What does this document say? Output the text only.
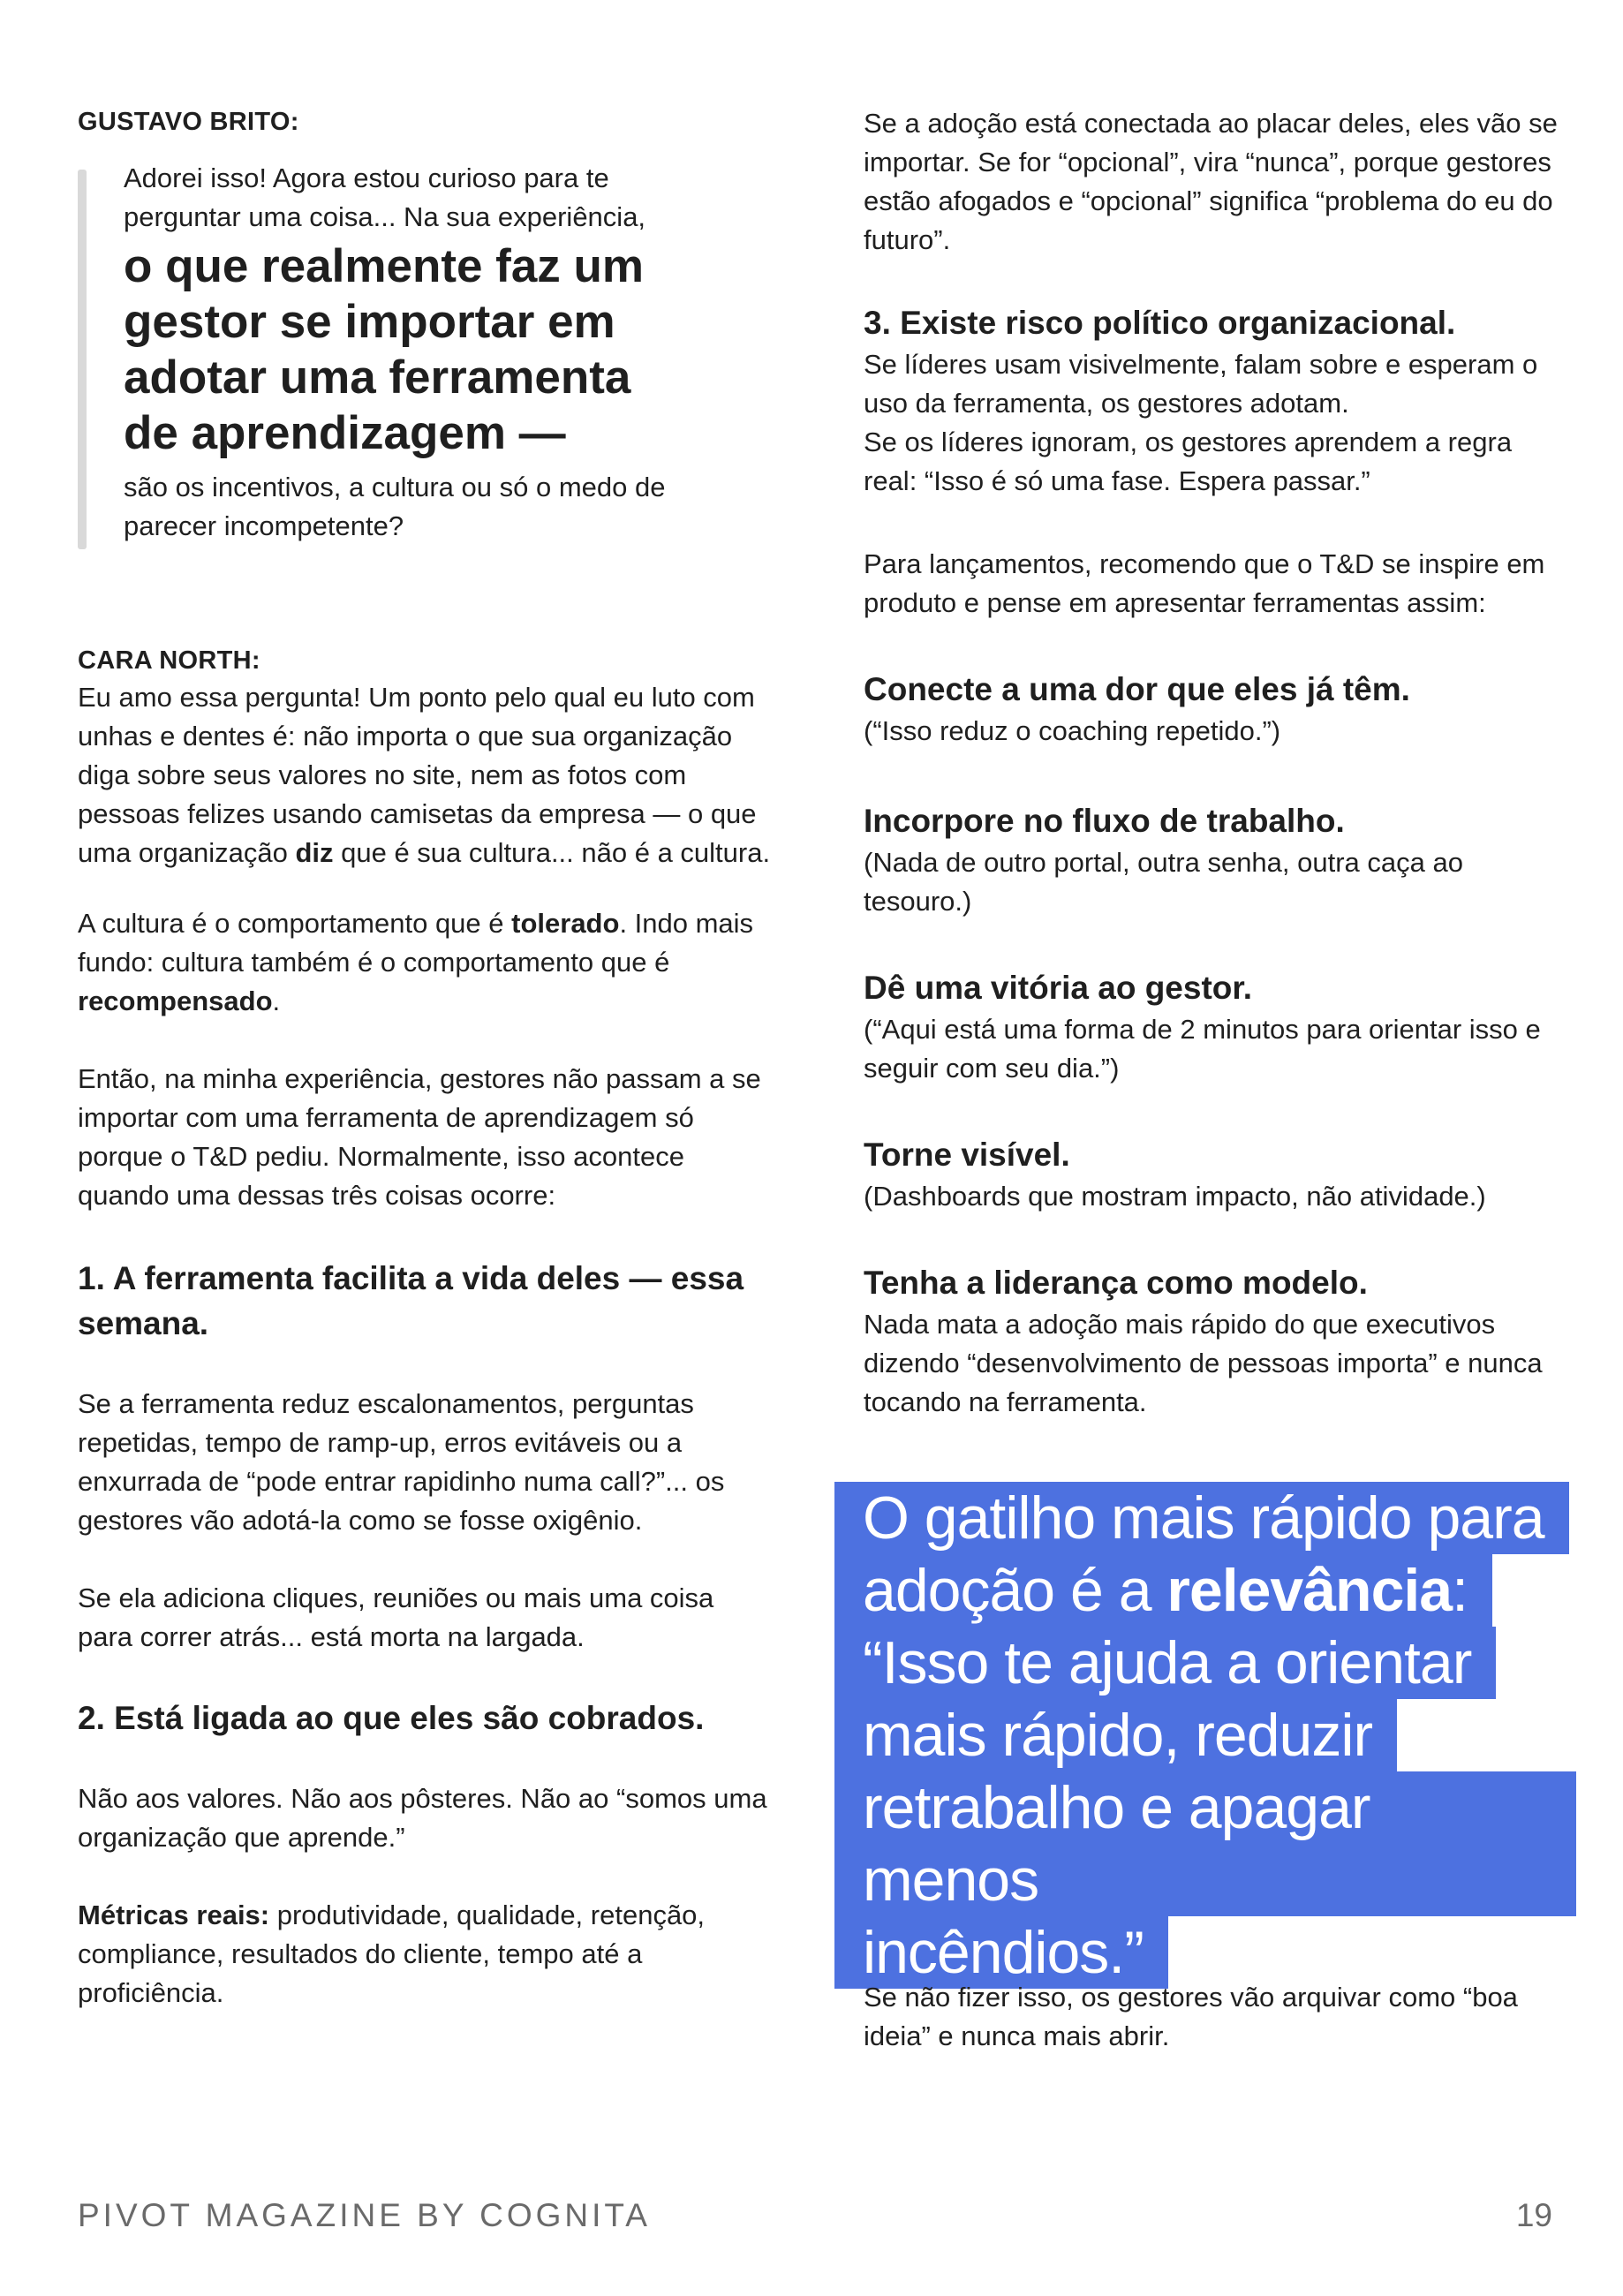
GUSTAVO BRITO:

Adorei isso! Agora estou curioso para te perguntar uma coisa... Na sua experiência,

o que realmente faz um gestor se importar em adotar uma ferramenta de aprendizagem —

são os incentivos, a cultura ou só o medo de parecer incompetente?

CARA NORTH:

Eu amo essa pergunta! Um ponto pelo qual eu luto com unhas e dentes é: não importa o que sua organização diga sobre seus valores no site, nem as fotos com pessoas felizes usando camisetas da empresa — o que uma organização diz que é sua cultura... não é a cultura.

A cultura é o comportamento que é tolerado. Indo mais fundo: cultura também é o comportamento que é recompensado.

Então, na minha experiência, gestores não passam a se importar com uma ferramenta de aprendizagem só porque o T&D pediu. Normalmente, isso acontece quando uma dessas três coisas ocorre:

1. A ferramenta facilita a vida deles — essa semana.

Se a ferramenta reduz escalonamentos, perguntas repetidas, tempo de ramp-up, erros evitáveis ou a enxurrada de “pode entrar rapidinho numa call?”... os gestores vão adotá-la como se fosse oxigênio.

Se ela adiciona cliques, reuniões ou mais uma coisa para correr atrás... está morta na largada.

2. Está ligada ao que eles são cobrados.

Não aos valores. Não aos pôsteres. Não ao “somos uma organização que aprende.”

Métricas reais: produtividade, qualidade, retenção, compliance, resultados do cliente, tempo até a proficiência.

Se a adoção está conectada ao placar deles, eles vão se importar. Se for “opcional”, vira “nunca”, porque gestores estão afogados e “opcional” significa “problema do eu do futuro”.

3. Existe risco político organizacional.

Se líderes usam visivelmente, falam sobre e esperam o uso da ferramenta, os gestores adotam.

Se os líderes ignoram, os gestores aprendem a regra real: “Isso é só uma fase. Espera passar.”

Para lançamentos, recomendo que o T&D se inspire em produto e pense em apresentar ferramentas assim:

Conecte a uma dor que eles já têm.

(“Isso reduz o coaching repetido.”)

Incorpore no fluxo de trabalho.

(Nada de outro portal, outra senha, outra caça ao tesouro.)

Dê uma vitória ao gestor.

(“Aqui está uma forma de 2 minutos para orientar isso e seguir com seu dia.”)

Torne visível.

(Dashboards que mostram impacto, não atividade.)

Tenha a liderança como modelo.

Nada mata a adoção mais rápido do que executivos dizendo “desenvolvimento de pessoas importa” e nunca tocando na ferramenta.

O gatilho mais rápido para
adoção é a relevância:
“Isso te ajuda a orientar
mais rápido, reduzir
retrabalho e apagar menos
incêndios.”

Se não fizer isso, os gestores vão arquivar como “boa ideia” e nunca mais abrir.

PIVOT MAGAZINE BY COGNITA	19
